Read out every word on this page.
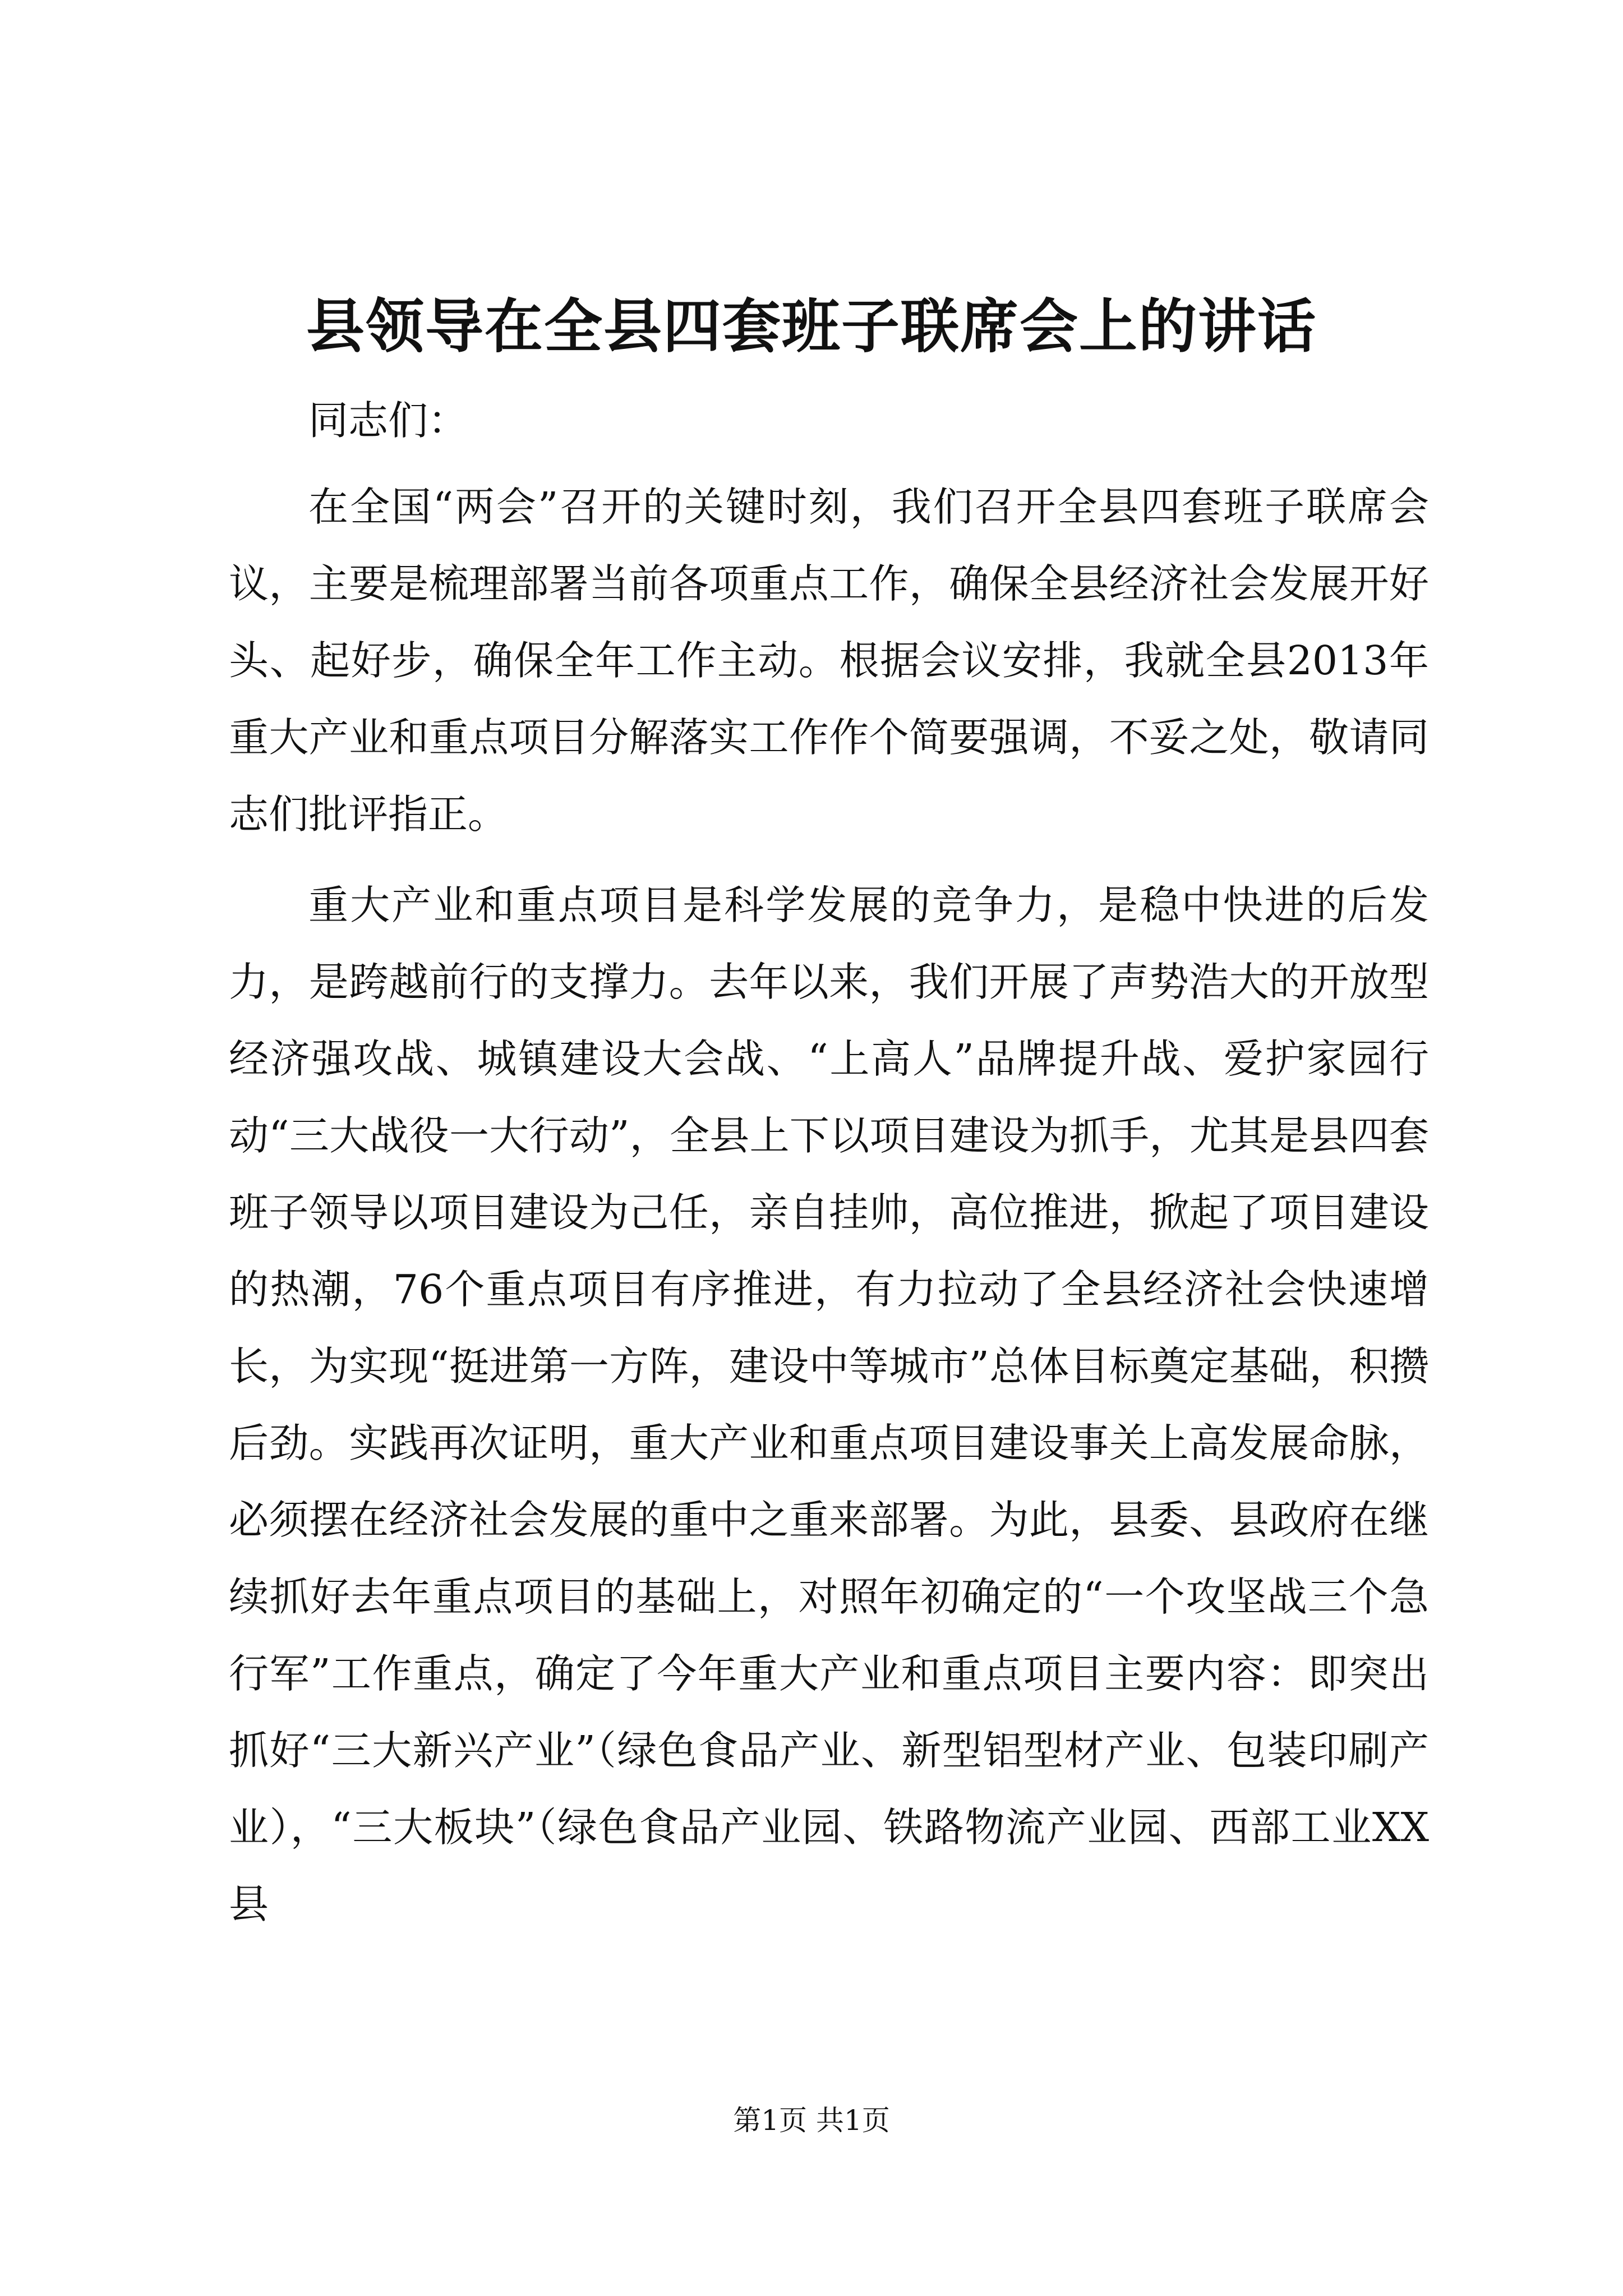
县领导在全县四套班子联席会上的讲话

同志们：

在全国“两会”召开的关键时刻，我们召开全县四套班子联席会议，主要是梳理部署当前各项重点工作，确保全县经济社会发展开好头、起好步，确保全年工作主动。根据会议安排，我就全县2013年重大产业和重点项目分解落实工作作个简要强调，不妥之处，敬请同志们批评指正。

重大产业和重点项目是科学发展的竞争力，是稳中快进的后发力，是跨越前行的支撑力。去年以来，我们开展了声势浩大的开放型经济强攻战、城镇建设大会战、“上高人”品牌提升战、爱护家园行动“三大战役一大行动”，全县上下以项目建设为抓手，尤其是县四套班子领导以项目建设为己任，亲自挂帅，高位推进，掀起了项目建设的热潮，76个重点项目有序推进，有力拉动了全县经济社会快速增长，为实现“挺进第一方阵，建设中等城市”总体目标奠定基础，积攒后劲。实践再次证明，重大产业和重点项目建设事关上高发展命脉，必须摆在经济社会发展的重中之重来部署。为此，县委、县政府在继续抓好去年重点项目的基础上，对照年初确定的“一个攻坚战三个急行军”工作重点，确定了今年重大产业和重点项目主要内容：即突出抓好“三大新兴产业”（绿色食品产业、新型铝型材产业、包装印刷产业），“三大板块”（绿色食品产业园、铁路物流产业园、西部工业XX县

第1页 共1页
